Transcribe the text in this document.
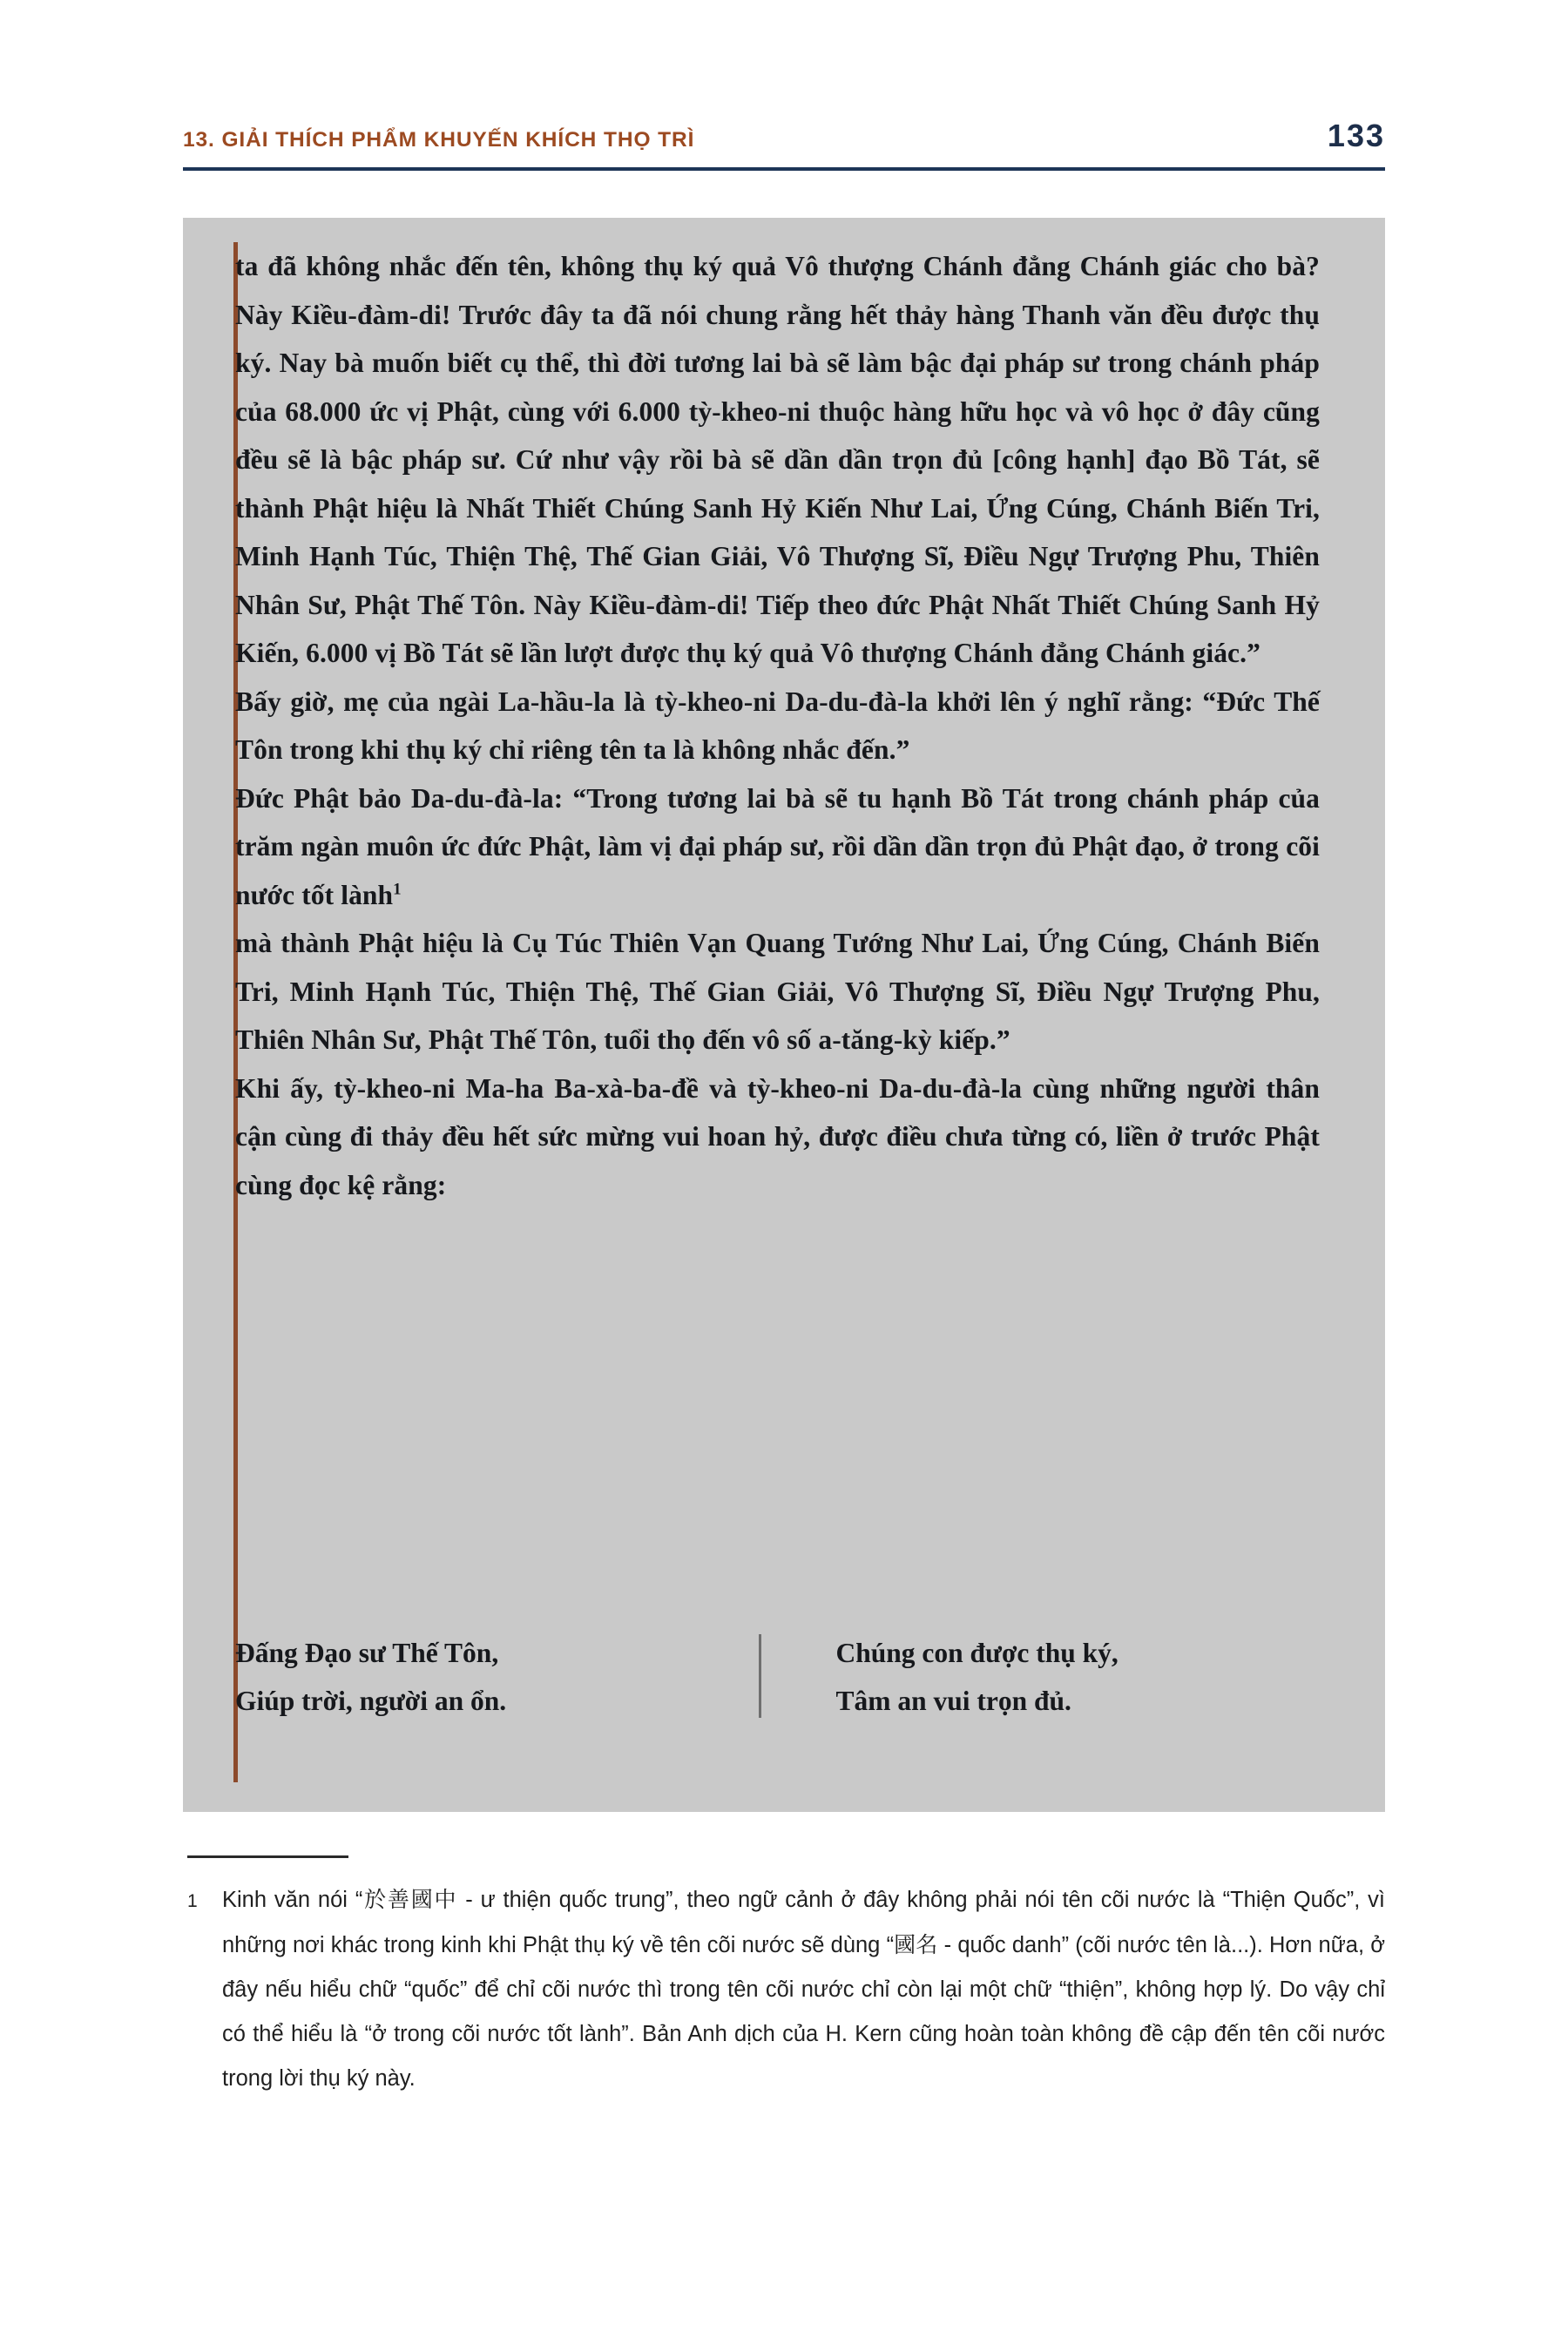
13. GIẢI THÍCH PHẨM KHUYẾN KHÍCH THỌ TRÌ	133

ta đã không nhắc đến tên, không thụ ký quả Vô thượng Chánh đẳng Chánh giác cho bà? Này Kiều-đàm-di! Trước đây ta đã nói chung rằng hết thảy hàng Thanh văn đều được thụ ký. Nay bà muốn biết cụ thể, thì đời tương lai bà sẽ làm bậc đại pháp sư trong chánh pháp của 68.000 ức vị Phật, cùng với 6.000 tỳ-kheo-ni thuộc hàng hữu học và vô học ở đây cũng đều sẽ là bậc pháp sư. Cứ như vậy rồi bà sẽ dần dần trọn đủ [công hạnh] đạo Bồ Tát, sẽ thành Phật hiệu là Nhất Thiết Chúng Sanh Hỷ Kiến Như Lai, Ứng Cúng, Chánh Biến Tri, Minh Hạnh Túc, Thiện Thệ, Thế Gian Giải, Vô Thượng Sĩ, Điều Ngự Trượng Phu, Thiên Nhân Sư, Phật Thế Tôn. Này Kiều-đàm-di! Tiếp theo đức Phật Nhất Thiết Chúng Sanh Hỷ Kiến, 6.000 vị Bồ Tát sẽ lần lượt được thụ ký quả Vô thượng Chánh đẳng Chánh giác.”

Bấy giờ, mẹ của ngài La-hầu-la là tỳ-kheo-ni Da-du-đà-la khởi lên ý nghĩ rằng: “Đức Thế Tôn trong khi thụ ký chỉ riêng tên ta là không nhắc đến.”

Đức Phật bảo Da-du-đà-la: “Trong tương lai bà sẽ tu hạnh Bồ Tát trong chánh pháp của trăm ngàn muôn ức đức Phật, làm vị đại pháp sư, rồi dần dần trọn đủ Phật đạo, ở trong cõi nước tốt lành$^1$

mà thành Phật hiệu là Cụ Túc Thiên Vạn Quang Tướng Như Lai, Ứng Cúng, Chánh Biến Tri, Minh Hạnh Túc, Thiện Thệ, Thế Gian Giải, Vô Thượng Sĩ, Điều Ngự Trượng Phu, Thiên Nhân Sư, Phật Thế Tôn, tuổi thọ đến vô số a-tăng-kỳ kiếp.”

Khi ấy, tỳ-kheo-ni Ma-ha Ba-xà-ba-đề và tỳ-kheo-ni Da-du-đà-la cùng những người thân cận cùng đi thảy đều hết sức mừng vui hoan hỷ, được điều chưa từng có, liền ở trước Phật cùng đọc kệ rằng:

Đấng Đạo sư Thế Tôn,
Giúp trời, người an ổn.
Chúng con được thụ ký,
Tâm an vui trọn đủ.
1	Kinh văn nói “於善國中 - ư thiện quốc trung”, theo ngữ cảnh ở đây không phải nói tên cõi nước là “Thiện Quốc”, vì những nơi khác trong kinh khi Phật thụ ký về tên cõi nước sẽ dùng “國名 - quốc danh” (cõi nước tên là...). Hơn nữa, ở đây nếu hiểu chữ “quốc” để chỉ cõi nước thì trong tên cõi nước chỉ còn lại một chữ “thiện”, không hợp lý. Do vậy chỉ có thể hiểu là “ở trong cõi nước tốt lành”. Bản Anh dịch của H. Kern cũng hoàn toàn không đề cập đến tên cõi nước trong lời thụ ký này.
